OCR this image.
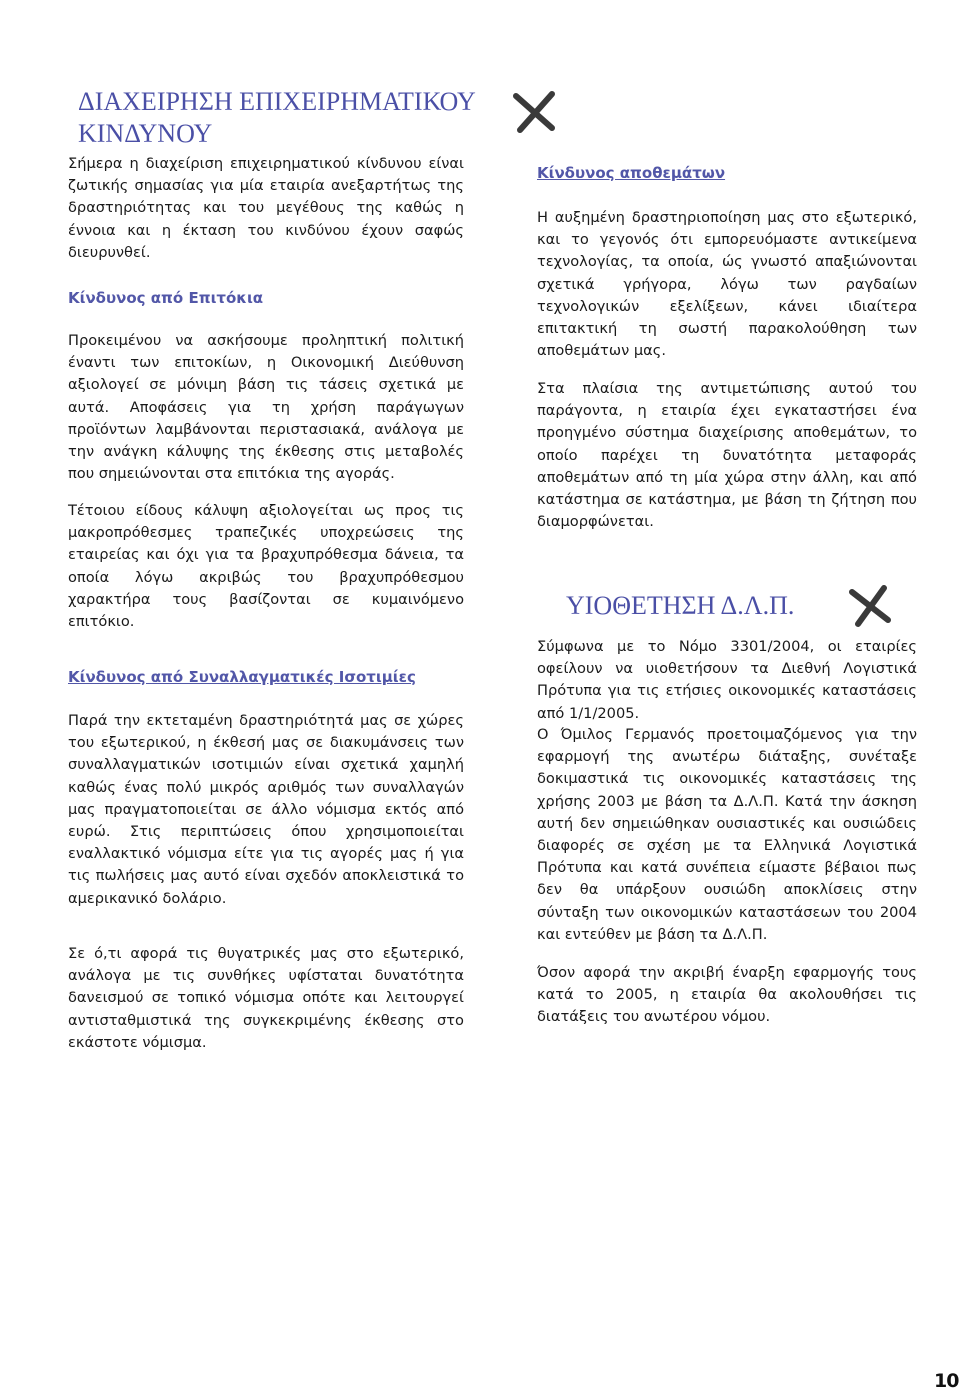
ΔΙΑΧΕΙΡΗΣΗ ΕΠΙΧΕΙΡΗΜΑΤΙΚΟΥ ΚΙΝΔΥΝΟΥ

Σήμερα η διαχείριση επιχειρηματικού κίνδυνου είναι ζωτικής σημασίας για μία εταιρία ανεξαρτήτως της δραστηριότητας και του μεγέθους της καθώς η έννοια και η έκταση του κινδύνου έχουν σαφώς διευρυνθεί.

Κίνδυνος από Επιτόκια

Προκειμένου να ασκήσουμε προληπτική πολιτική έναντι των επιτοκίων, η Οικονομική Διεύθυνση αξιολογεί σε μόνιμη βάση τις τάσεις σχετικά με αυτά. Αποφάσεις για τη χρήση παράγωγων προϊόντων λαμβάνονται περιστασιακά, ανάλογα με την ανάγκη κάλυψης της έκθεσης στις μεταβολές που σημειώνονται στα επιτόκια της αγοράς.

Τέτοιου είδους κάλυψη αξιολογείται ως προς τις μακροπρόθεσμες τραπεζικές υποχρεώσεις της εταιρείας και όχι για τα βραχυπρόθεσμα δάνεια, τα οποία λόγω ακριβώς του βραχυπρόθεσμου χαρακτήρα τους βασίζονται σε κυμαινόμενο επιτόκιο.

Κίνδυνος από Συναλλαγματικές Ισοτιμίες

Παρά την εκτεταμένη δραστηριότητά μας σε χώρες του εξωτερικού, η έκθεσή μας σε διακυμάνσεις των συναλλαγματικών ισοτιμιών είναι σχετικά χαμηλή καθώς ένας πολύ μικρός αριθμός των συναλλαγών μας πραγματοποιείται σε άλλο νόμισμα εκτός από ευρώ. Στις περιπτώσεις όπου χρησιμοποιείται εναλλακτικό νόμισμα είτε για τις αγορές μας ή για τις πωλήσεις μας αυτό είναι σχεδόν αποκλειστικά το αμερικανικό δολάριο.

Σε ό,τι αφορά τις θυγατρικές μας στο εξωτερικό, ανάλογα με τις συνθήκες υφίσταται δυνατότητα δανεισμού σε τοπικό νόμισμα οπότε και λειτουργεί αντισταθμιστικά της συγκεκριμένης έκθεσης στο εκάστοτε νόμισμα.

Κίνδυνος αποθεμάτων

Η αυξημένη δραστηριοποίηση μας στο εξωτερικό, και το γεγονός ότι εμπορευόμαστε αντικείμενα τεχνολογίας, τα οποία, ώς γνωστό απαξιώνονται σχετικά γρήγορα, λόγω των ραγδαίων τεχνολογικών εξελίξεων, κάνει ιδιαίτερα επιτακτική τη σωστή παρακολούθηση των αποθεμάτων μας.

Στα πλαίσια της αντιμετώπισης αυτού του παράγοντα, η εταιρία έχει εγκαταστήσει ένα προηγμένο σύστημα διαχείρισης αποθεμάτων, το οποίο παρέχει τη δυνατότητα μεταφοράς αποθεμάτων από τη μία χώρα στην άλλη, και από κατάστημα σε κατάστημα, με βάση τη ζήτηση που διαμορφώνεται.

ΥΙΟΘΕΤΗΣΗ Δ.Λ.Π.

Σύμφωνα με το Νόμο 3301/2004, οι εταιρίες οφείλουν να υιοθετήσουν τα Διεθνή Λογιστικά Πρότυπα για τις ετήσιες οικονομικές καταστάσεις από 1/1/2005.

Ο Όμιλος Γερμανός προετοιμαζόμενος για την εφαρμογή της ανωτέρω διάταξης, συνέταξε δοκιμαστικά τις οικονομικές καταστάσεις της χρήσης 2003 με βάση τα Δ.Λ.Π. Κατά την άσκηση αυτή δεν σημειώθηκαν ουσιαστικές και ουσιώδεις διαφορές σε σχέση με τα Ελληνικά Λογιστικά Πρότυπα και κατά συνέπεια είμαστε βέβαιοι πως δεν θα υπάρξουν ουσιώδη αποκλίσεις στην σύνταξη των οικονομικών καταστάσεων του 2004 και εντεύθεν με βάση τα Δ.Λ.Π.

Όσον αφορά την ακριβή έναρξη εφαρμογής τους κατά το 2005, η εταιρία θα ακολουθήσει τις διατάξεις του ανωτέρου νόμου.

10
